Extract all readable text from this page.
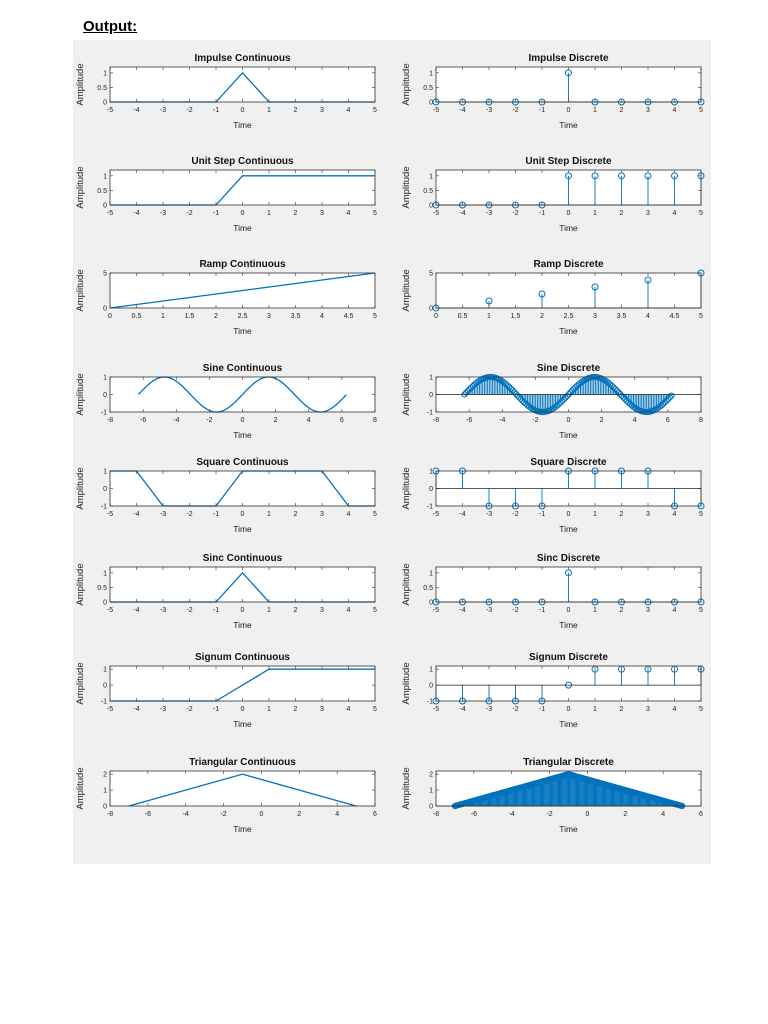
Output:
Impulse Continuous
Amplitude
Time
-5	-4	-3	-2	-1	0	1	2	3	4	5
0
0.5
1
Impulse Discrete
Amplitude
Time
-5	-4	-3	-2	-1	0	1	2	3	4	5
0
0.5
1
Unit Step Continuous
Amplitude
Time
-5	-4	-3	-2	-1	0	1	2	3	4	5
0
0.5
1
Unit Step Discrete
Amplitude
Time
-5	-4	-3	-2	-1	0	1	2	3	4	5
0
0.5
1
Ramp Continuous
Amplitude
Time
0	0.5	1	1.5	2	2.5	3	3.5	4	4.5	5
0
5
Ramp Discrete
Amplitude
Time
0	0.5	1	1.5	2	2.5	3	3.5	4	4.5	5
0
5
Sine Continuous
Amplitude
Time
-8	-6	-4	-2	0	2	4	6	8
-1
0
1
Sine Discrete
Amplitude
Time
-8	-6	-4	-2	0	2	4	6	8
-1
0
1
Square Continuous
Amplitude
Time
-5	-4	-3	-2	-1	0	1	2	3	4	5
-1
0
1
Square Discrete
Amplitude
Time
-5	-4	-3	-2	-1	0	1	2	3	4	5
-1
0
1
Sinc Continuous
Amplitude
Time
-5	-4	-3	-2	-1	0	1	2	3	4	5
0
0.5
1
Sinc Discrete
Amplitude
Time
-5	-4	-3	-2	-1	0	1	2	3	4	5
0
0.5
1
Signum Continuous
Amplitude
Time
-5	-4	-3	-2	-1	0	1	2	3	4	5
-1
0
1
Signum Discrete
Amplitude
Time
-5	-4	-3	-2	-1	0	1	2	3	4	5
-1
0
1
Triangular Continuous
Amplitude
Time
-8	-6	-4	-2	0	2	4	6
0
1
2
Triangular Discrete
Amplitude
Time
-8	-6	-4	-2	0	2	4	6
0
1
2
